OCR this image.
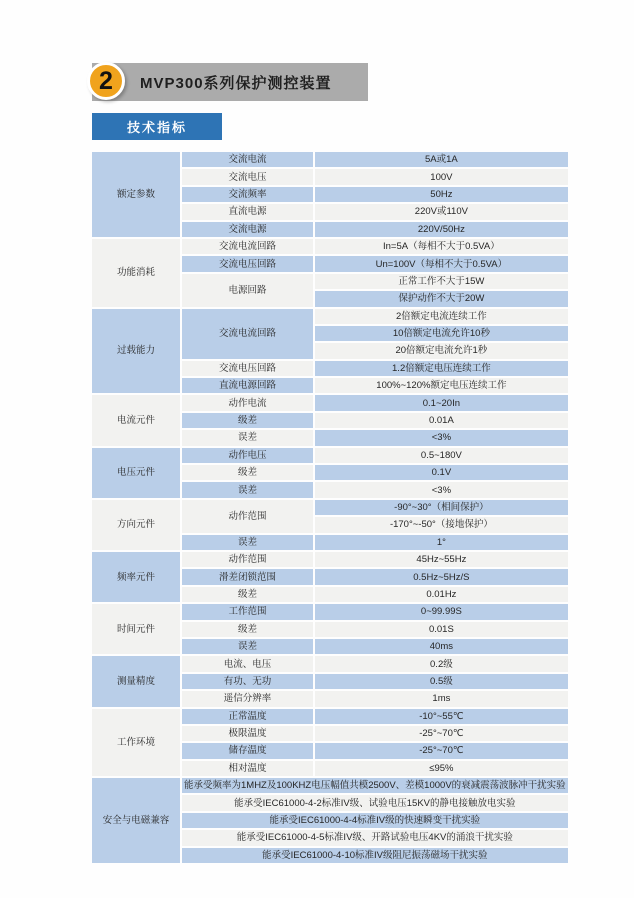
2 MVP300系列保护测控装置
技术指标
额定参数	交流电流	5A或1A
	交流电压	100V
	交流频率	50Hz
	直流电源	220V或110V
	交流电源	220V/50Hz
功能消耗	交流电流回路	In=5A（每相不大于0.5VA）
	交流电压回路	Un=100V（每相不大于0.5VA）
	电源回路	正常工作不大于15W
		保护动作不大于20W
过载能力	交流电流回路	2倍额定电流连续工作
		10倍额定电流允许10秒
		20倍额定电流允许1秒
	交流电压回路	1.2倍额定电压连续工作
	直流电源回路	100%~120%额定电压连续工作
电流元件	动作电流	0.1~20In
	级差	0.01A
	误差	<3%
电压元件	动作电压	0.5~180V
	级差	0.1V
	误差	<3%
方向元件	动作范围	-90°~30°（相间保护）
		-170°~-50°（接地保护）
	误差	1°
频率元件	动作范围	45Hz~55Hz
	滑差闭锁范围	0.5Hz~5Hz/S
	级差	0.01Hz
时间元件	工作范围	0~99.99S
	级差	0.01S
	误差	40ms
测量精度	电流、电压	0.2级
	有功、无功	0.5级
	遥信分辨率	1ms
工作环境	正常温度	-10°~55℃
	极限温度	-25°~70℃
	储存温度	-25°~70℃
	相对温度	≤95%
安全与电磁兼容	能承受频率为1MHZ及100KHZ电压幅值共模2500V、差模1000V的衰减震荡波脉冲干扰实验	
	能承受IEC61000-4-2标准IV级、试验电压15KV的静电接触放电实验	
	能承受IEC61000-4-4标准IV级的快速瞬变干扰实验	
	能承受IEC61000-4-5标准IV级、开路试验电压4KV的涌浪干扰实验	
	能承受IEC61000-4-10标准IV级阻尼振荡磁场干扰实验	
